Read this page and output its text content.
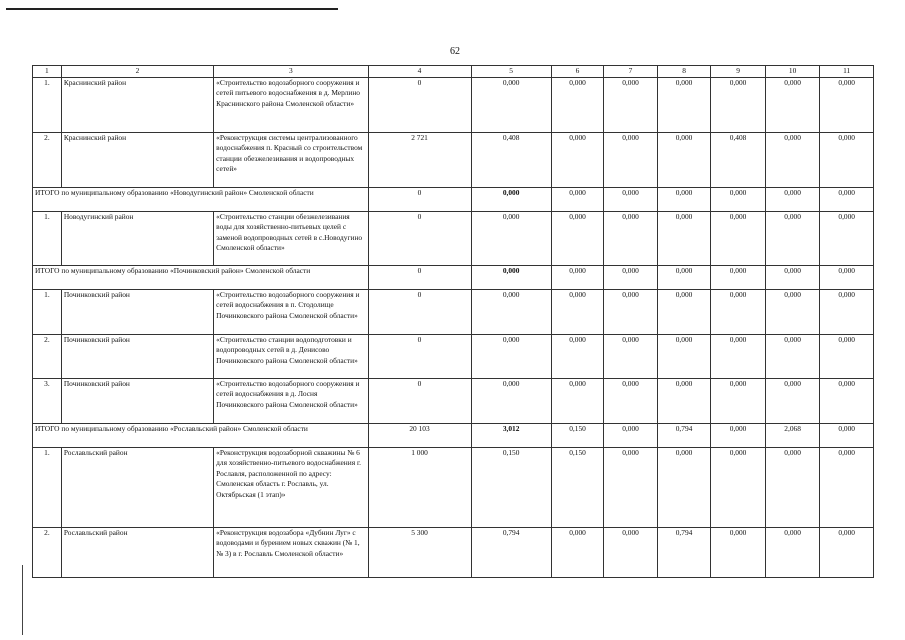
62
1	2	3	4	5	6	7	8	9	10	11
1.	Краснинский район	«Строительство водозаборного сооружения и сетей питьевого водоснабжения в д. Мерлино Краснинского района Смоленской области»	0	0,000	0,000	0,000	0,000	0,000	0,000	0,000
2.	Краснинский район	«Реконструкция системы централизованного водоснабжения п. Красный со строительством станции обезжелезивания и водопроводных сетей»	2 721	0,408	0,000	0,000	0,000	0,408	0,000	0,000
ИТОГО по муниципальному образованию «Новодугинский район» Смоленской области			0	0,000	0,000	0,000	0,000	0,000	0,000	0,000
1.	Новодугинский район	«Строительство станции обезжелезивания воды для хозяйственно-питьевых целей с заменой водопроводных сетей в с.Новодугино Смоленской области»	0	0,000	0,000	0,000	0,000	0,000	0,000	0,000
ИТОГО по муниципальному образованию «Починковский район» Смоленской области			0	0,000	0,000	0,000	0,000	0,000	0,000	0,000
1.	Починковский район	«Строительство водозаборного сооружения и сетей водоснабжения в п. Стодолище Починковского района Смоленской области»	0	0,000	0,000	0,000	0,000	0,000	0,000	0,000
2.	Починковский район	«Строительство станции водоподготовки и водопроводных сетей в д. Денисово Починковского района Смоленской области»	0	0,000	0,000	0,000	0,000	0,000	0,000	0,000
3.	Починковский район	«Строительство водозаборного сооружения и сетей водоснабжения в д. Лосня Починковского района Смоленской области»	0	0,000	0,000	0,000	0,000	0,000	0,000	0,000
ИТОГО по муниципальному образованию «Рославльский район» Смоленской области			20 103	3,012	0,150	0,000	0,794	0,000	2,068	0,000
1.	Рославльский район	«Реконструкция водозаборной скважины № 6 для хозяйственно-питьевого водоснабжения г. Рославля, расположенной по адресу: Смоленская область г. Рославль, ул. Октябрьская (1 этап)»	1 000	0,150	0,150	0,000	0,000	0,000	0,000	0,000
2.	Рославльский район	«Реконструкция водозабора «Дубнин Луг» с водоводами и бурением новых скважин (№ 1, № 3) в г. Рославль Смоленской области»	5 300	0,794	0,000	0,000	0,794	0,000	0,000	0,000
